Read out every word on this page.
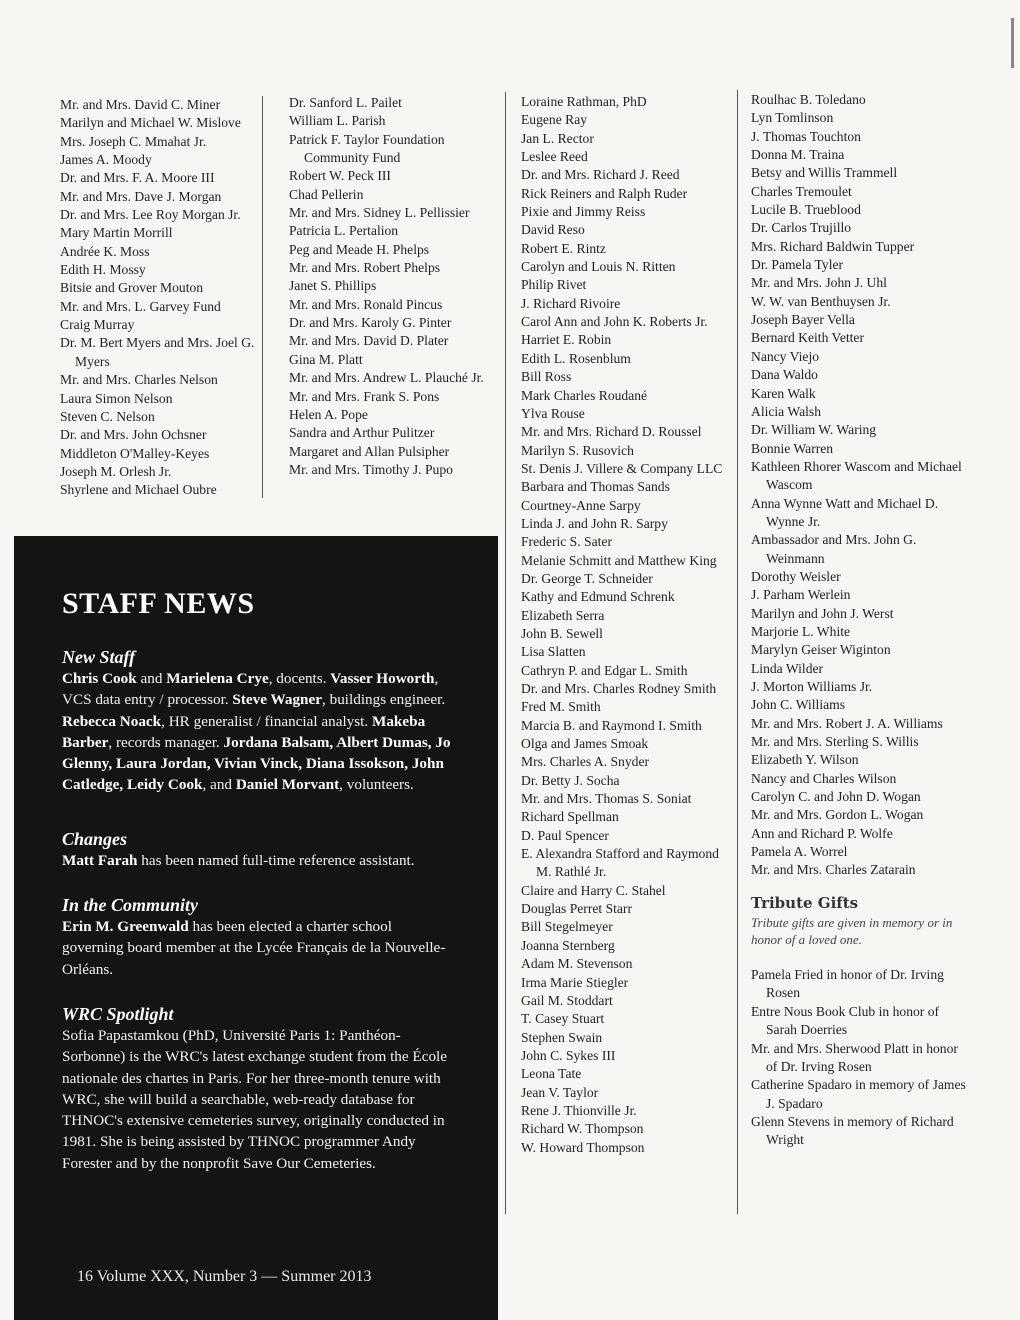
Mr. and Mrs. David C. Miner
Marilyn and Michael W. Mislove
Mrs. Joseph C. Mmahat Jr.
James A. Moody
Dr. and Mrs. F. A. Moore III
Mr. and Mrs. Dave J. Morgan
Dr. and Mrs. Lee Roy Morgan Jr.
Mary Martin Morrill
Andrée K. Moss
Edith H. Mossy
Bitsie and Grover Mouton
Mr. and Mrs. L. Garvey Fund
Craig Murray
Dr. M. Bert Myers and Mrs. Joel G. Myers
Mr. and Mrs. Charles Nelson
Laura Simon Nelson
Steven C. Nelson
Dr. and Mrs. John Ochsner
Middleton O'Malley-Keyes
Joseph M. Orlesh Jr.
Shyrlene and Michael Oubre
Dr. Sanford L. Pailet
William L. Parish
Patrick F. Taylor Foundation Community Fund
Robert W. Peck III
Chad Pellerin
Mr. and Mrs. Sidney L. Pellissier
Patricia L. Pertalion
Peg and Meade H. Phelps
Mr. and Mrs. Robert Phelps
Janet S. Phillips
Mr. and Mrs. Ronald Pincus
Dr. and Mrs. Karoly G. Pinter
Mr. and Mrs. David D. Plater
Gina M. Platt
Mr. and Mrs. Andrew L. Plauché Jr.
Mr. and Mrs. Frank S. Pons
Helen A. Pope
Sandra and Arthur Pulitzer
Margaret and Allan Pulsipher
Mr. and Mrs. Timothy J. Pupo
Loraine Rathman, PhD
Eugene Ray
Jan L. Rector
Leslee Reed
Dr. and Mrs. Richard J. Reed
Rick Reiners and Ralph Ruder
Pixie and Jimmy Reiss
David Reso
Robert E. Rintz
Carolyn and Louis N. Ritten
Philip Rivet
J. Richard Rivoire
Carol Ann and John K. Roberts Jr.
Harriet E. Robin
Edith L. Rosenblum
Bill Ross
Mark Charles Roudané
Ylva Rouse
Mr. and Mrs. Richard D. Roussel
Marilyn S. Rusovich
St. Denis J. Villere & Company LLC
Barbara and Thomas Sands
Courtney-Anne Sarpy
Linda J. and John R. Sarpy
Frederic S. Sater
Melanie Schmitt and Matthew King
Dr. George T. Schneider
Kathy and Edmund Schrenk
Elizabeth Serra
John B. Sewell
Lisa Slatten
Cathryn P. and Edgar L. Smith
Dr. and Mrs. Charles Rodney Smith
Fred M. Smith
Marcia B. and Raymond I. Smith
Olga and James Smoak
Mrs. Charles A. Snyder
Dr. Betty J. Socha
Mr. and Mrs. Thomas S. Soniat
Richard Spellman
D. Paul Spencer
E. Alexandra Stafford and Raymond M. Rathlé Jr.
Claire and Harry C. Stahel
Douglas Perret Starr
Bill Stegelmeyer
Joanna Sternberg
Adam M. Stevenson
Irma Marie Stiegler
Gail M. Stoddart
T. Casey Stuart
Stephen Swain
John C. Sykes III
Leona Tate
Jean V. Taylor
Rene J. Thionville Jr.
Richard W. Thompson
W. Howard Thompson
Roulhac B. Toledano
Lyn Tomlinson
J. Thomas Touchton
Donna M. Traina
Betsy and Willis Trammell
Charles Tremoulet
Lucile B. Trueblood
Dr. Carlos Trujillo
Mrs. Richard Baldwin Tupper
Dr. Pamela Tyler
Mr. and Mrs. John J. Uhl
W. W. van Benthuysen Jr.
Joseph Bayer Vella
Bernard Keith Vetter
Nancy Viejo
Dana Waldo
Karen Walk
Alicia Walsh
Dr. William W. Waring
Bonnie Warren
Kathleen Rhorer Wascom and Michael Wascom
Anna Wynne Watt and Michael D. Wynne Jr.
Ambassador and Mrs. John G. Weinmann
Dorothy Weisler
J. Parham Werlein
Marilyn and John J. Werst
Marjorie L. White
Marylyn Geiser Wiginton
Linda Wilder
J. Morton Williams Jr.
John C. Williams
Mr. and Mrs. Robert J. A. Williams
Mr. and Mrs. Sterling S. Willis
Elizabeth Y. Wilson
Nancy and Charles Wilson
Carolyn C. and John D. Wogan
Mr. and Mrs. Gordon L. Wogan
Ann and Richard P. Wolfe
Pamela A. Worrel
Mr. and Mrs. Charles Zatarain
Tribute Gifts
Tribute gifts are given in memory or in honor of a loved one.
Pamela Fried in honor of Dr. Irving Rosen
Entre Nous Book Club in honor of Sarah Doerries
Mr. and Mrs. Sherwood Platt in honor of Dr. Irving Rosen
Catherine Spadaro in memory of James J. Spadaro
Glenn Stevens in memory of Richard Wright
STAFF NEWS
New Staff
Chris Cook and Marielena Crye, docents. Vasser Howorth, VCS data entry / processor. Steve Wagner, buildings engineer. Rebecca Noack, HR generalist / financial analyst. Makeba Barber, records manager. Jordana Balsam, Albert Dumas, Jo Glenny, Laura Jordan, Vivian Vinck, Diana Issokson, John Catledge, Leidy Cook, and Daniel Morvant, volunteers.
Changes
Matt Farah has been named full-time reference assistant.
In the Community
Erin M. Greenwald has been elected a charter school governing board member at the Lycée Français de la Nouvelle-Orléans.
WRC Spotlight
Sofia Papastamkou (PhD, Université Paris 1: Panthéon-Sorbonne) is the WRC's latest exchange student from the École nationale des chartes in Paris. For her three-month tenure with WRC, she will build a searchable, web-ready database for THNOC's extensive cemeteries survey, originally conducted in 1981. She is being assisted by THNOC programmer Andy Forester and by the nonprofit Save Our Cemeteries.
16 Volume XXX, Number 3 — Summer 2013
